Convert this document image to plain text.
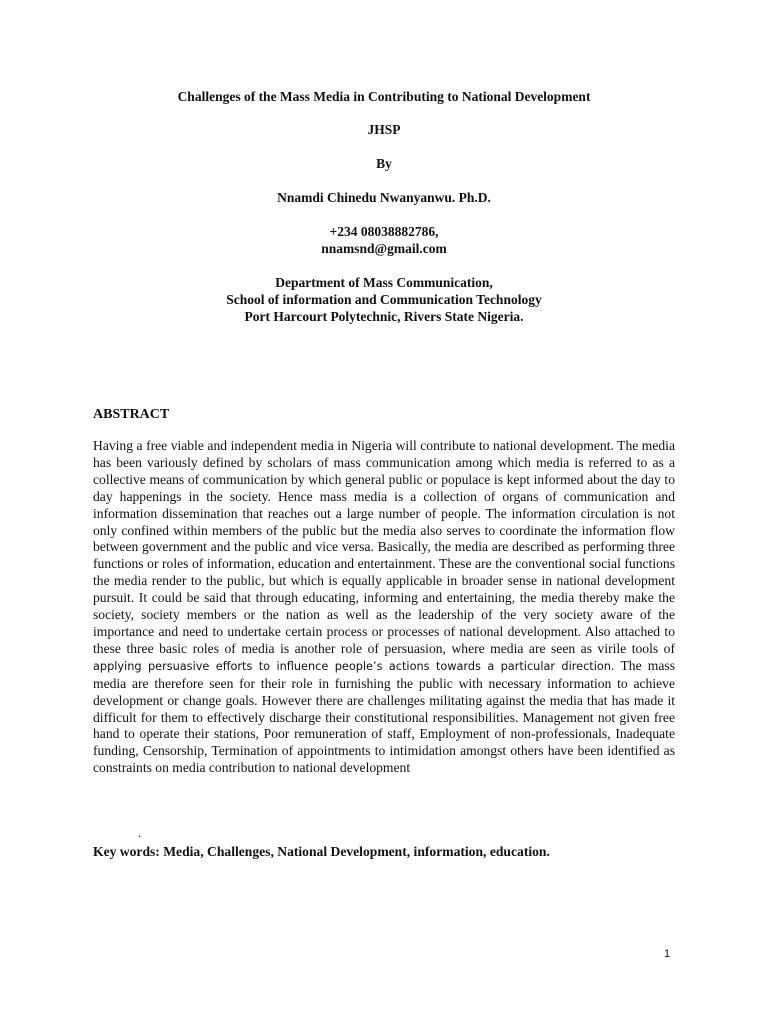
Challenges of the Mass Media in Contributing to National Development
JHSP
By
Nnamdi Chinedu Nwanyanwu. Ph.D.
+234 08038882786,
nnamsnd@gmail.com
Department of Mass Communication,
School of information and Communication Technology
Port Harcourt Polytechnic, Rivers State Nigeria.
ABSTRACT
Having a free viable and independent media in Nigeria will contribute to national development. The media has been variously defined by scholars of mass communication among which media is referred to as a collective means of communication by which general public or populace is kept informed about the day to day happenings in the society. Hence mass media is a collection of organs of communication and information dissemination that reaches out a large number of people. The information circulation is not only confined within members of the public but the media also serves to coordinate the information flow between government and the public and vice versa. Basically, the media are described as performing three functions or roles of information, education and entertainment. These are the conventional social functions the media render to the public, but which is equally applicable in broader sense in national development pursuit. It could be said that through educating, informing and entertaining, the media thereby make the society, society members or the nation as well as the leadership of the very society aware of the importance and need to undertake certain process or processes of national development. Also attached to these three basic roles of media is another role of persuasion, where media are seen as virile tools of applying persuasive efforts to influence people’s actions towards a particular direction. The mass media are therefore seen for their role in furnishing the public with necessary information to achieve development or change goals. However there are challenges militating against the media that has made it difficult for them to effectively discharge their constitutional responsibilities. Management not given free hand to operate their stations, Poor remuneration of staff, Employment of non-professionals, Inadequate funding, Censorship, Termination of appointments to intimidation amongst others have been identified as constraints on media contribution to national development
.
Key words: Media, Challenges, National Development, information, education.
1
